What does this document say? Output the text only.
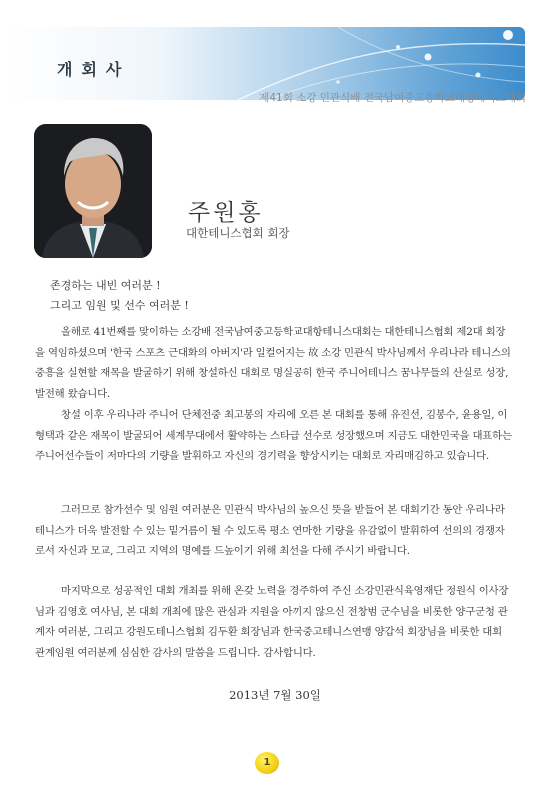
개회사
제41회 소강 민관식배 전국남여중고등학교대항테니스대회
주원홍
대한테니스협회 회장
존경하는 내빈 여러분 !
그리고 임원 및 선수 여러분 !
올해로 41번째를 맞이하는 소강배 전국남여중고등학교대항테니스대회는 대한테니스협회 제2대 회장을 역임하셨으며 '한국 스포츠 근대화의 아버지'라 일컬어지는 故 소강 민관식 박사님께서 우리나라 테니스의 중흥을 실현할 재목을 발굴하기 위해 창설하신 대회로 명실공히 한국 주니어테니스 꿈나무들의 산실로 성장, 발전해 왔습니다.
창설 이후 우리나라 주니어 단체전중 최고봉의 자리에 오른 본 대회를 통해 유진선, 김봉수, 윤용일, 이형택과 같은 재목이 발굴되어 세계무대에서 활약하는 스타급 선수로 성장했으며 지금도 대한민국을 대표하는 주니어선수들이 저마다의 기량을 발휘하고 자신의 경기력을 향상시키는 대회로 자리매김하고 있습니다.
그러므로 참가선수 및 임원 여러분은 민관식 박사님의 높으신 뜻을 받들어 본 대회기간 동안 우리나라 테니스가 더욱 발전할 수 있는 밑거름이 될 수 있도록 평소 연마한 기량을 유감없이 발휘하여 선의의 경쟁자로서 자신과 모교, 그리고 지역의 명예를 드높이기 위해 최선을 다해 주시기 바랍니다.
마지막으로 성공적인 대회 개최를 위해 온갖 노력을 경주하여 주신 소강민관식육영재단 정원식 이사장님과 김영호 여사님, 본 대회 개최에 많은 관심과 지원을 아끼지 않으신 전창범 군수님을 비롯한 양구군청 관계자 여러분, 그리고 강원도테니스협회 김두환 회장님과 한국중고테니스연맹 양갑석 회장님을 비롯한 대회 관계임원 여러분께 심심한 감사의 말씀을 드립니다. 감사합니다.
2013년 7월 30일
1
